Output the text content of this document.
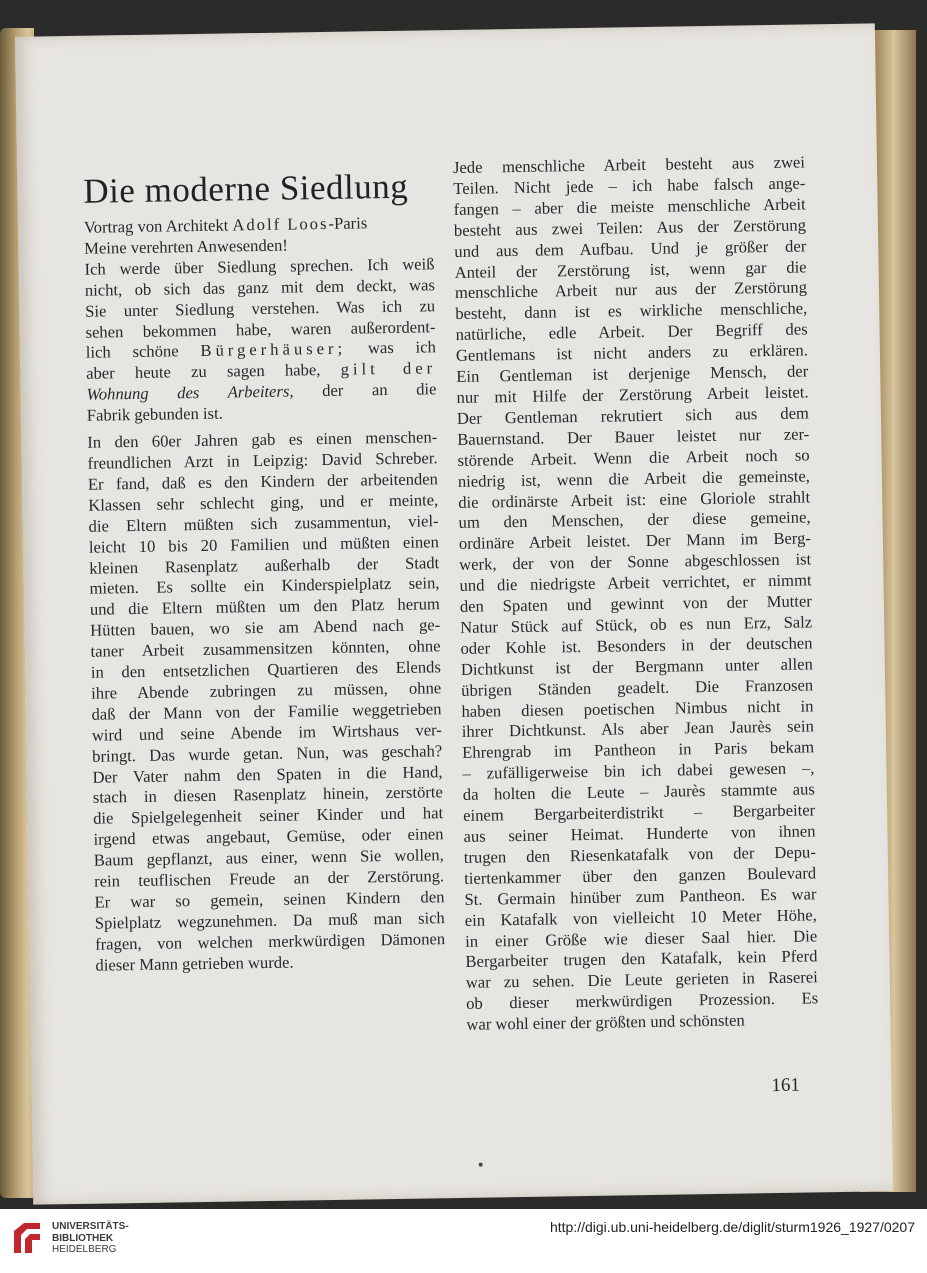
Die moderne Siedlung

Vortrag von Architekt Adolf Loos-Paris

Meine verehrten Anwesenden!

Ich werde über Siedlung sprechen. Ich weiß
nicht, ob sich das ganz mit dem deckt, was
Sie unter Siedlung verstehen. Was ich zu
sehen bekommen habe, waren außerordent-
lich schöne Bürgerhäuser; was ich
aber heute zu sagen habe, gilt der
Wohnung des Arbeiters, der an die
Fabrik gebunden ist.
In den 60er Jahren gab es einen menschen-
freundlichen Arzt in Leipzig: David Schreber.
Er fand, daß es den Kindern der arbeitenden
Klassen sehr schlecht ging, und er meinte,
die Eltern müßten sich zusammentun, viel-
leicht 10 bis 20 Familien und müßten einen
kleinen Rasenplatz außerhalb der Stadt
mieten. Es sollte ein Kinderspielplatz sein,
und die Eltern müßten um den Platz herum
Hütten bauen, wo sie am Abend nach ge-
taner Arbeit zusammensitzen könnten, ohne
in den entsetzlichen Quartieren des Elends
ihre Abende zubringen zu müssen, ohne
daß der Mann von der Familie weggetrieben
wird und seine Abende im Wirtshaus ver-
bringt. Das wurde getan. Nun, was geschah?
Der Vater nahm den Spaten in die Hand,
stach in diesen Rasenplatz hinein, zerstörte
die Spielgelegenheit seiner Kinder und hat
irgend etwas angebaut, Gemüse, oder einen
Baum gepflanzt, aus einer, wenn Sie wollen,
rein teuflischen Freude an der Zerstörung.
Er war so gemein, seinen Kindern den
Spielplatz wegzunehmen. Da muß man sich
fragen, von welchen merkwürdigen Dämonen
dieser Mann getrieben wurde.
Jede menschliche Arbeit besteht aus zwei
Teilen. Nicht jede – ich habe falsch ange-
fangen – aber die meiste menschliche Arbeit
besteht aus zwei Teilen: Aus der Zerstörung
und aus dem Aufbau. Und je größer der
Anteil der Zerstörung ist, wenn gar die
menschliche Arbeit nur aus der Zerstörung
besteht, dann ist es wirkliche menschliche,
natürliche, edle Arbeit. Der Begriff des
Gentlemans ist nicht anders zu erklären.
Ein Gentleman ist derjenige Mensch, der
nur mit Hilfe der Zerstörung Arbeit leistet.
Der Gentleman rekrutiert sich aus dem
Bauernstand. Der Bauer leistet nur zer-
störende Arbeit. Wenn die Arbeit noch so
niedrig ist, wenn die Arbeit die gemeinste,
die ordinärste Arbeit ist: eine Gloriole strahlt
um den Menschen, der diese gemeine,
ordinäre Arbeit leistet. Der Mann im Berg-
werk, der von der Sonne abgeschlossen ist
und die niedrigste Arbeit verrichtet, er nimmt
den Spaten und gewinnt von der Mutter
Natur Stück auf Stück, ob es nun Erz, Salz
oder Kohle ist. Besonders in der deutschen
Dichtkunst ist der Bergmann unter allen
übrigen Ständen geadelt. Die Franzosen
haben diesen poetischen Nimbus nicht in
ihrer Dichtkunst. Als aber Jean Jaurès sein
Ehrengrab im Pantheon in Paris bekam
– zufälligerweise bin ich dabei gewesen –,
da holten die Leute – Jaurès stammte aus
einem Bergarbeiterdistrikt – Bergarbeiter
aus seiner Heimat. Hunderte von ihnen
trugen den Riesenkatafalk von der Depu-
tiertenkammer über den ganzen Boulevard
St. Germain hinüber zum Pantheon. Es war
ein Katafalk von vielleicht 10 Meter Höhe,
in einer Größe wie dieser Saal hier. Die
Bergarbeiter trugen den Katafalk, kein Pferd
war zu sehen. Die Leute gerieten in Raserei
ob dieser merkwürdigen Prozession. Es
war wohl einer der größten und schönsten
161
UNIVERSITÄTS-
BIBLIOTHEK
HEIDELBERG
http://digi.ub.uni-heidelberg.de/diglit/sturm1926_1927/0207
